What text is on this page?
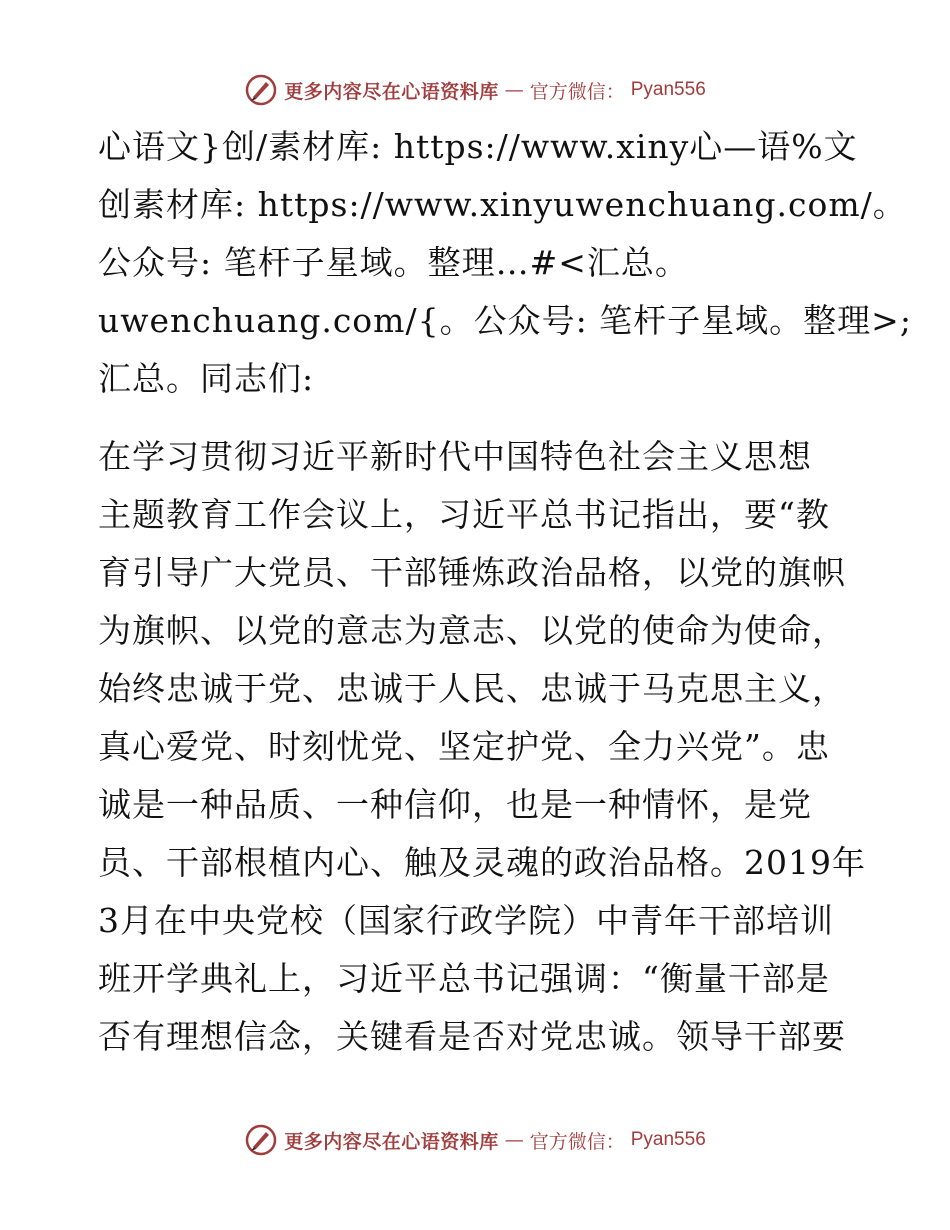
更多内容尽在心语资料库 — 官方微信： Pyan556
心语文}创/素材库: https://www.xiny心—语%文
创素材库: https://www.xinyuwenchuang.com/。
公众号: 笔杆子星域。整理…#<汇总。
uwenchuang.com/{。公众号: 笔杆子星域。整理>;
汇总。同志们:
在学习贯彻习近平新时代中国特色社会主义思想
主题教育工作会议上，习近平总书记指出，要“教
育引导广大党员、干部锤炼政治品格，以党的旗帜
为旗帜、以党的意志为意志、以党的使命为使命，
始终忠诚于党、忠诚于人民、忠诚于马克思主义，
真心爱党、时刻忧党、坚定护党、全力兴党”。忠
诚是一种品质、一种信仰，也是一种情怀，是党
员、干部根植内心、触及灵魂的政治品格。2019年
3月在中央党校（国家行政学院）中青年干部培训
班开学典礼上，习近平总书记强调：“衡量干部是
否有理想信念，关键看是否对党忠诚。领导干部要
更多内容尽在心语资料库 — 官方微信： Pyan556
